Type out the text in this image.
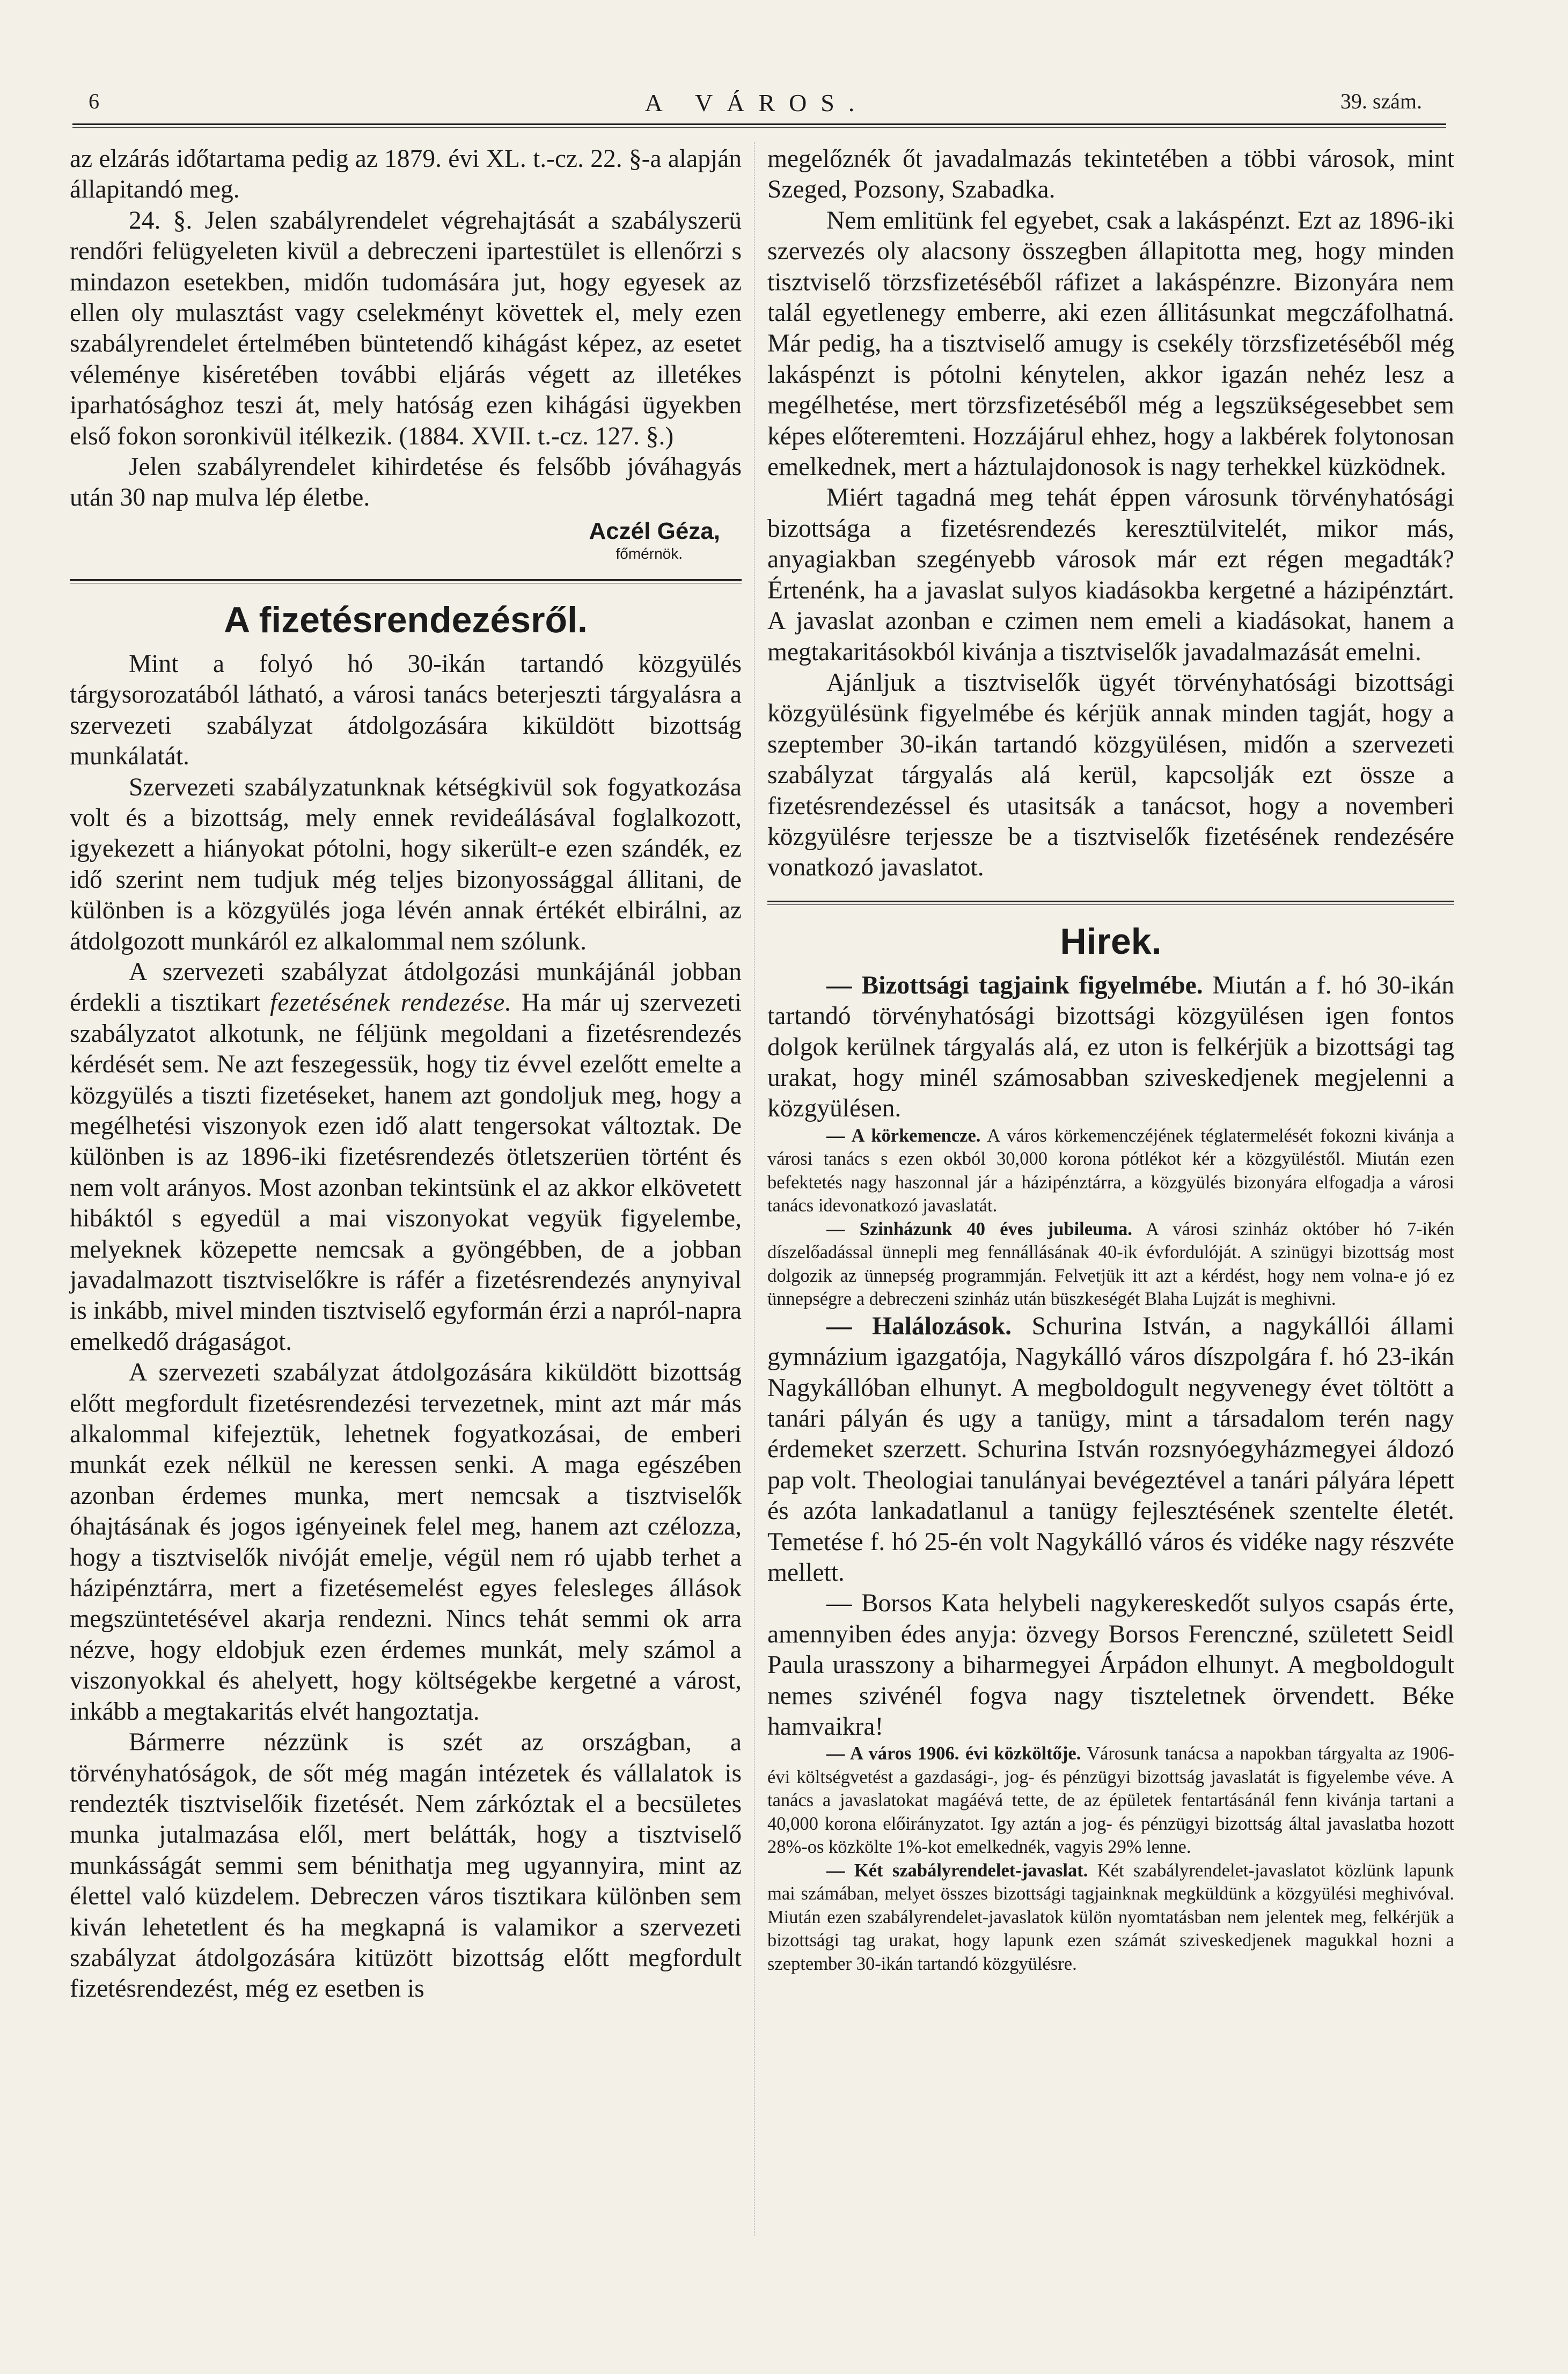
6	A VÁROS.	39. szám.

az elzárás időtartama pedig az 1879. évi XL. t.-cz. 22. §-a alapján állapitandó meg.

24. §. Jelen szabályrendelet végrehajtását a szabályszerü rendőri felügyeleten kivül a debreczeni ipartestület is ellenőrzi s mindazon esetekben, midőn tudomására jut, hogy egyesek az ellen oly mulasztást vagy cselekményt követtek el, mely ezen szabályrendelet értelmében büntetendő kihágást képez, az esetet véleménye kiséretében további eljárás végett az illetékes iparhatósághoz teszi át, mely hatóság ezen kihágási ügyekben első fokon soronkivül itélkezik. (1884. XVII. t.-cz. 127. §.)

Jelen szabályrendelet kihirdetése és felsőbb jóváhagyás után 30 nap mulva lép életbe.

Aczél Géza,
főmérnök.
A fizetésrendezésről.

Mint a folyó hó 30-ikán tartandó közgyülés tárgysorozatából látható, a városi tanács beterjeszti tárgyalásra a szervezeti szabályzat átdolgozására kiküldött bizottság munkálatát.

Szervezeti szabályzatunknak kétségkivül sok fogyatkozása volt és a bizottság, mely ennek revideálásával foglalkozott, igyekezett a hiányokat pótolni, hogy sikerült-e ezen szándék, ez idő szerint nem tudjuk még teljes bizonyossággal állitani, de különben is a közgyülés joga lévén annak értékét elbirálni, az átdolgozott munkáról ez alkalommal nem szólunk.

A szervezeti szabályzat átdolgozási munkájánál jobban érdekli a tisztikart fezetésének rendezése. Ha már uj szervezeti szabályzatot alkotunk, ne féljünk megoldani a fizetésrendezés kérdését sem. Ne azt feszegessük, hogy tiz évvel ezelőtt emelte a közgyülés a tiszti fizetéseket, hanem azt gondoljuk meg, hogy a megélhetési viszonyok ezen idő alatt tengersokat változtak. De különben is az 1896-iki fizetésrendezés ötletszerüen történt és nem volt arányos. Most azonban tekintsünk el az akkor elkövetett hibáktól s egyedül a mai viszonyokat vegyük figyelembe, melyeknek közepette nemcsak a gyöngébben, de a jobban javadalmazott tisztviselőkre is ráfér a fizetésrendezés anynyival is inkább, mivel minden tisztviselő egyformán érzi a napról-napra emelkedő drágaságot.

A szervezeti szabályzat átdolgozására kiküldött bizottság előtt megfordult fizetésrendezési tervezetnek, mint azt már más alkalommal kifejeztük, lehetnek fogyatkozásai, de emberi munkát ezek nélkül ne keressen senki. A maga egészében azonban érdemes munka, mert nemcsak a tisztviselők óhajtásának és jogos igényeinek felel meg, hanem azt czélozza, hogy a tisztviselők nivóját emelje, végül nem ró ujabb terhet a házipénztárra, mert a fizetésemelést egyes felesleges állások megszüntetésével akarja rendezni. Nincs tehát semmi ok arra nézve, hogy eldobjuk ezen érdemes munkát, mely számol a viszonyokkal és ahelyett, hogy költségekbe kergetné a várost, inkább a megtakaritás elvét hangoztatja.

Bármerre nézzünk is szét az országban, a törvényhatóságok, de sőt még magán intézetek és vállalatok is rendezték tisztviselőik fizetését. Nem zárkóztak el a becsületes munka jutalmazása elől, mert belátták, hogy a tisztviselő munkásságát semmi sem bénithatja meg ugyannyira, mint az élettel való küzdelem. Debreczen város tisztikara különben sem kiván lehetetlent és ha megkapná is valamikor a szervezeti szabályzat átdolgozására kitüzött bizottság előtt megfordult fizetésrendezést, még ez esetben is

megelőznék őt javadalmazás tekintetében a többi városok, mint Szeged, Pozsony, Szabadka.

Nem emlitünk fel egyebet, csak a lakáspénzt. Ezt az 1896-iki szervezés oly alacsony összegben állapitotta meg, hogy minden tisztviselő törzsfizetéséből ráfizet a lakáspénzre. Bizonyára nem talál egyetlenegy emberre, aki ezen állitásunkat megczáfolhatná. Már pedig, ha a tisztviselő amugy is csekély törzsfizetéséből még lakáspénzt is pótolni kénytelen, akkor igazán nehéz lesz a megélhetése, mert törzsfizetéséből még a legszükségesebbet sem képes előteremteni. Hozzájárul ehhez, hogy a lakbérek folytonosan emelkednek, mert a háztulajdonosok is nagy terhekkel küzködnek.

Miért tagadná meg tehát éppen városunk törvényhatósági bizottsága a fizetésrendezés keresztülvitelét, mikor más, anyagiakban szegényebb városok már ezt régen megadták? Értenénk, ha a javaslat sulyos kiadásokba kergetné a házipénztárt. A javaslat azonban e czimen nem emeli a kiadásokat, hanem a megtakaritásokból kivánja a tisztviselők javadalmazását emelni.

Ajánljuk a tisztviselők ügyét törvényhatósági bizottsági közgyülésünk figyelmébe és kérjük annak minden tagját, hogy a szeptember 30-ikán tartandó közgyülésen, midőn a szervezeti szabályzat tárgyalás alá kerül, kapcsolják ezt össze a fizetésrendezéssel és utasitsák a tanácsot, hogy a novemberi közgyülésre terjessze be a tisztviselők fizetésének rendezésére vonatkozó javaslatot.

Hirek.

— Bizottsági tagjaink figyelmébe. Miután a f. hó 30-ikán tartandó törvényhatósági bizottsági közgyülésen igen fontos dolgok kerülnek tárgyalás alá, ez uton is felkérjük a bizottsági tag urakat, hogy minél számosabban sziveskedjenek megjelenni a közgyülésen.

— A körkemencze. A város körkemenczéjének téglatermelését fokozni kivánja a városi tanács s ezen okból 30,000 korona pótlékot kér a közgyüléstől. Miután ezen befektetés nagy haszonnal jár a házipénztárra, a közgyülés bizonyára elfogadja a városi tanács idevonatkozó javaslatát.

— Szinházunk 40 éves jubileuma. A városi szinház október hó 7-ikén díszelőadással ünnepli meg fennállásának 40-ik évfordulóját. A szinügyi bizottság most dolgozik az ünnepség programmján. Felvetjük itt azt a kérdést, hogy nem volna-e jó ez ünnepségre a debreczeni szinház után büszkeségét Blaha Lujzát is meghivni.

— Halálozások. Schurina István, a nagykállói állami gymnázium igazgatója, Nagykálló város díszpolgára f. hó 23-ikán Nagykállóban elhunyt. A megboldogult negyvenegy évet töltött a tanári pályán és ugy a tanügy, mint a társadalom terén nagy érdemeket szerzett. Schurina István rozsnyóegyházmegyei áldozó pap volt. Theologiai tanulányai bevégeztével a tanári pályára lépett és azóta lankadatlanul a tanügy fejlesztésének szentelte életét. Temetése f. hó 25-én volt Nagykálló város és vidéke nagy részvéte mellett.

— Borsos Kata helybeli nagykereskedőt sulyos csapás érte, amennyiben édes anyja: özvegy Borsos Ferenczné, született Seidl Paula urasszony a biharmegyei Árpádon elhunyt. A megboldogult nemes szivénél fogva nagy tiszteletnek örvendett. Béke hamvaikra!

— A város 1906. évi közköltője. Városunk tanácsa a napokban tárgyalta az 1906-évi költségvetést a gazdasági-, jog- és pénzügyi bizottság javaslatát is figyelembe véve. A tanács a javaslatokat magáévá tette, de az épületek fentartásánál fenn kivánja tartani a 40,000 korona előirányzatot. Igy aztán a jog- és pénzügyi bizottság által javaslatba hozott 28%-os közkölte 1%-kot emelkednék, vagyis 29% lenne.

— Két szabályrendelet-javaslat. Két szabályrendelet-javaslatot közlünk lapunk mai számában, melyet összes bizottsági tagjainknak megküldünk a közgyülési meghivóval. Miután ezen szabályrendelet-javaslatok külön nyomtatásban nem jelentek meg, felkérjük a bizottsági tag urakat, hogy lapunk ezen számát sziveskedjenek magukkal hozni a szeptember 30-ikán tartandó közgyülésre.
